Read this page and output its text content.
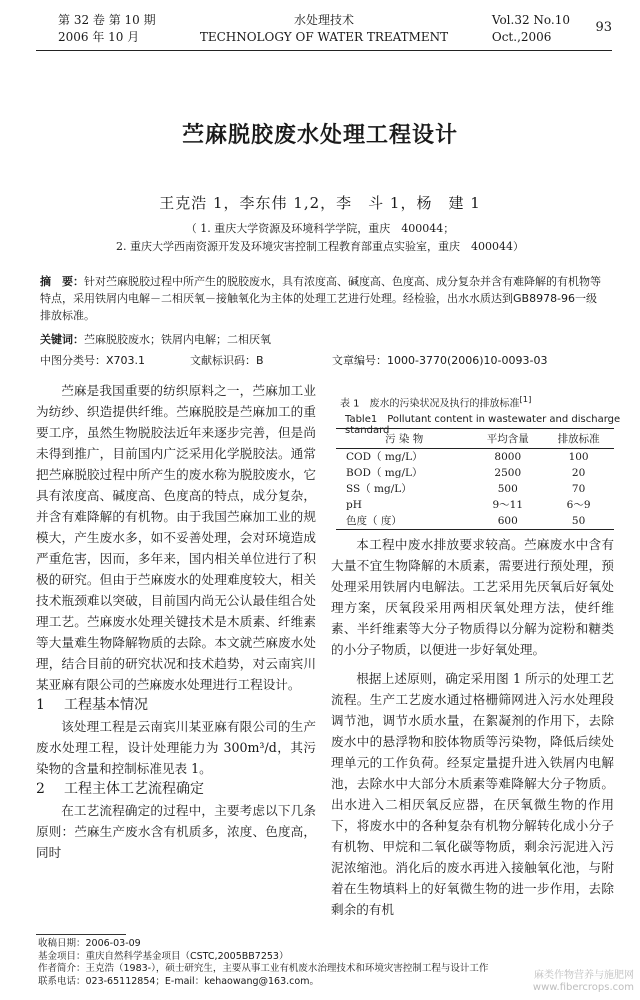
第 32 卷 第 10 期
2006 年 10 月
水处理技术
TECHNOLOGY OF WATER TREATMENT
Vol.32 No.10
Oct.,2006
93
苎麻脱胶废水处理工程设计
王克浩 1，李东伟 1,2，李　斗 1，杨　建 1
（ 1. 重庆大学资源及环境科学学院，重庆　400044；
2. 重庆大学西南资源开发及环境灾害控制工程教育部重点实验室，重庆　400044）
摘　要：针对苎麻脱胶过程中所产生的脱胶废水，具有浓度高、碱度高、色度高、成分复杂并含有难降解的有机物等特点，采用铁屑内电解－二相厌氧－接触氧化为主体的处理工艺进行处理。经检验，出水水质达到GB8978-96一级排放标准。
关键词：苎麻脱胶废水；铁屑内电解；二相厌氧
中图分类号：X703.1	文献标识码：B	文章编号：1000-3770(2006)10-0093-03

苎麻是我国重要的纺织原料之一，苎麻加工业为纺纱、织造提供纤维。苎麻脱胶是苎麻加工的重要工序，虽然生物脱胶法近年来逐步完善，但是尚未得到推广，目前国内广泛采用化学脱胶法。通常把苎麻脱胶过程中所产生的废水称为脱胶废水，它具有浓度高、碱度高、色度高的特点，成分复杂，并含有难降解的有机物。由于我国苎麻加工业的规模大，产生废水多，如不妥善处理，会对环境造成严重危害，因而，多年来，国内相关单位进行了积极的研究。但由于苎麻废水的处理难度较大，相关技术瓶颈难以突破，目前国内尚无公认最佳组合处理工艺。苎麻废水处理关键技术是木质素、纤维素等大量难生物降解物质的去除。本文就苎麻废水处理，结合目前的研究状况和技术趋势，对云南宾川某亚麻有限公司的苎麻废水处理进行工程设计。

1 工程基本情况

该处理工程是云南宾川某亚麻有限公司的生产废水处理工程，设计处理能力为 300m³/d，其污染物的含量和控制标准见表 1。

2 工程主体工艺流程确定

在工艺流程确定的过程中，主要考虑以下几条原则：苎麻生产废水含有机质多，浓度、色度高，同时

表 1　废水的污染状况及执行的排放标准[1]
Table1　Pollutant content in wastewater and discharge standard
污 染 物	平均含量	排放标准
COD（ mg/L）	8000	100
BOD（ mg/L）	2500	20
SS（ mg/L）	500	70
pH	9～11	6～9
色度（ 度）	600	50

本工程中废水排放要求较高。苎麻废水中含有大量不宜生物降解的木质素，需要进行预处理，预处理采用铁屑内电解法。工艺采用先厌氧后好氧处理方案，厌氧段采用两相厌氧处理方法，使纤维素、半纤维素等大分子物质得以分解为淀粉和糖类的小分子物质，以便进一步好氧处理。

根据上述原则，确定采用图 1 所示的处理工艺流程。生产工艺废水通过格栅筛网进入污水处理段调节池，调节水质水量，在絮凝剂的作用下，去除废水中的悬浮物和胶体物质等污染物，降低后续处理单元的工作负荷。经泵定量提升进入铁屑内电解池，去除水中大部分木质素等难降解大分子物质。出水进入二相厌氧反应器，在厌氧微生物的作用下，将废水中的各种复杂有机物分解转化成小分子有机物、甲烷和二氧化碳等物质，剩余污泥进入污泥浓缩池。消化后的废水再进入接触氧化池，与附着在生物填料上的好氧微生物的进一步作用，去除剩余的有机

收稿日期：2006-03-09
基金项目：重庆自然科学基金项目（CSTC,2005BB7253）
作者简介：王克浩（1983-），硕士研究生，主要从事工业有机废水治理技术和环境灾害控制工程与设计工作
联系电话：023-65112854；E-mail：kehaowang@163.com。	麻类作物营养与施肥网
www.fibercrops.com
